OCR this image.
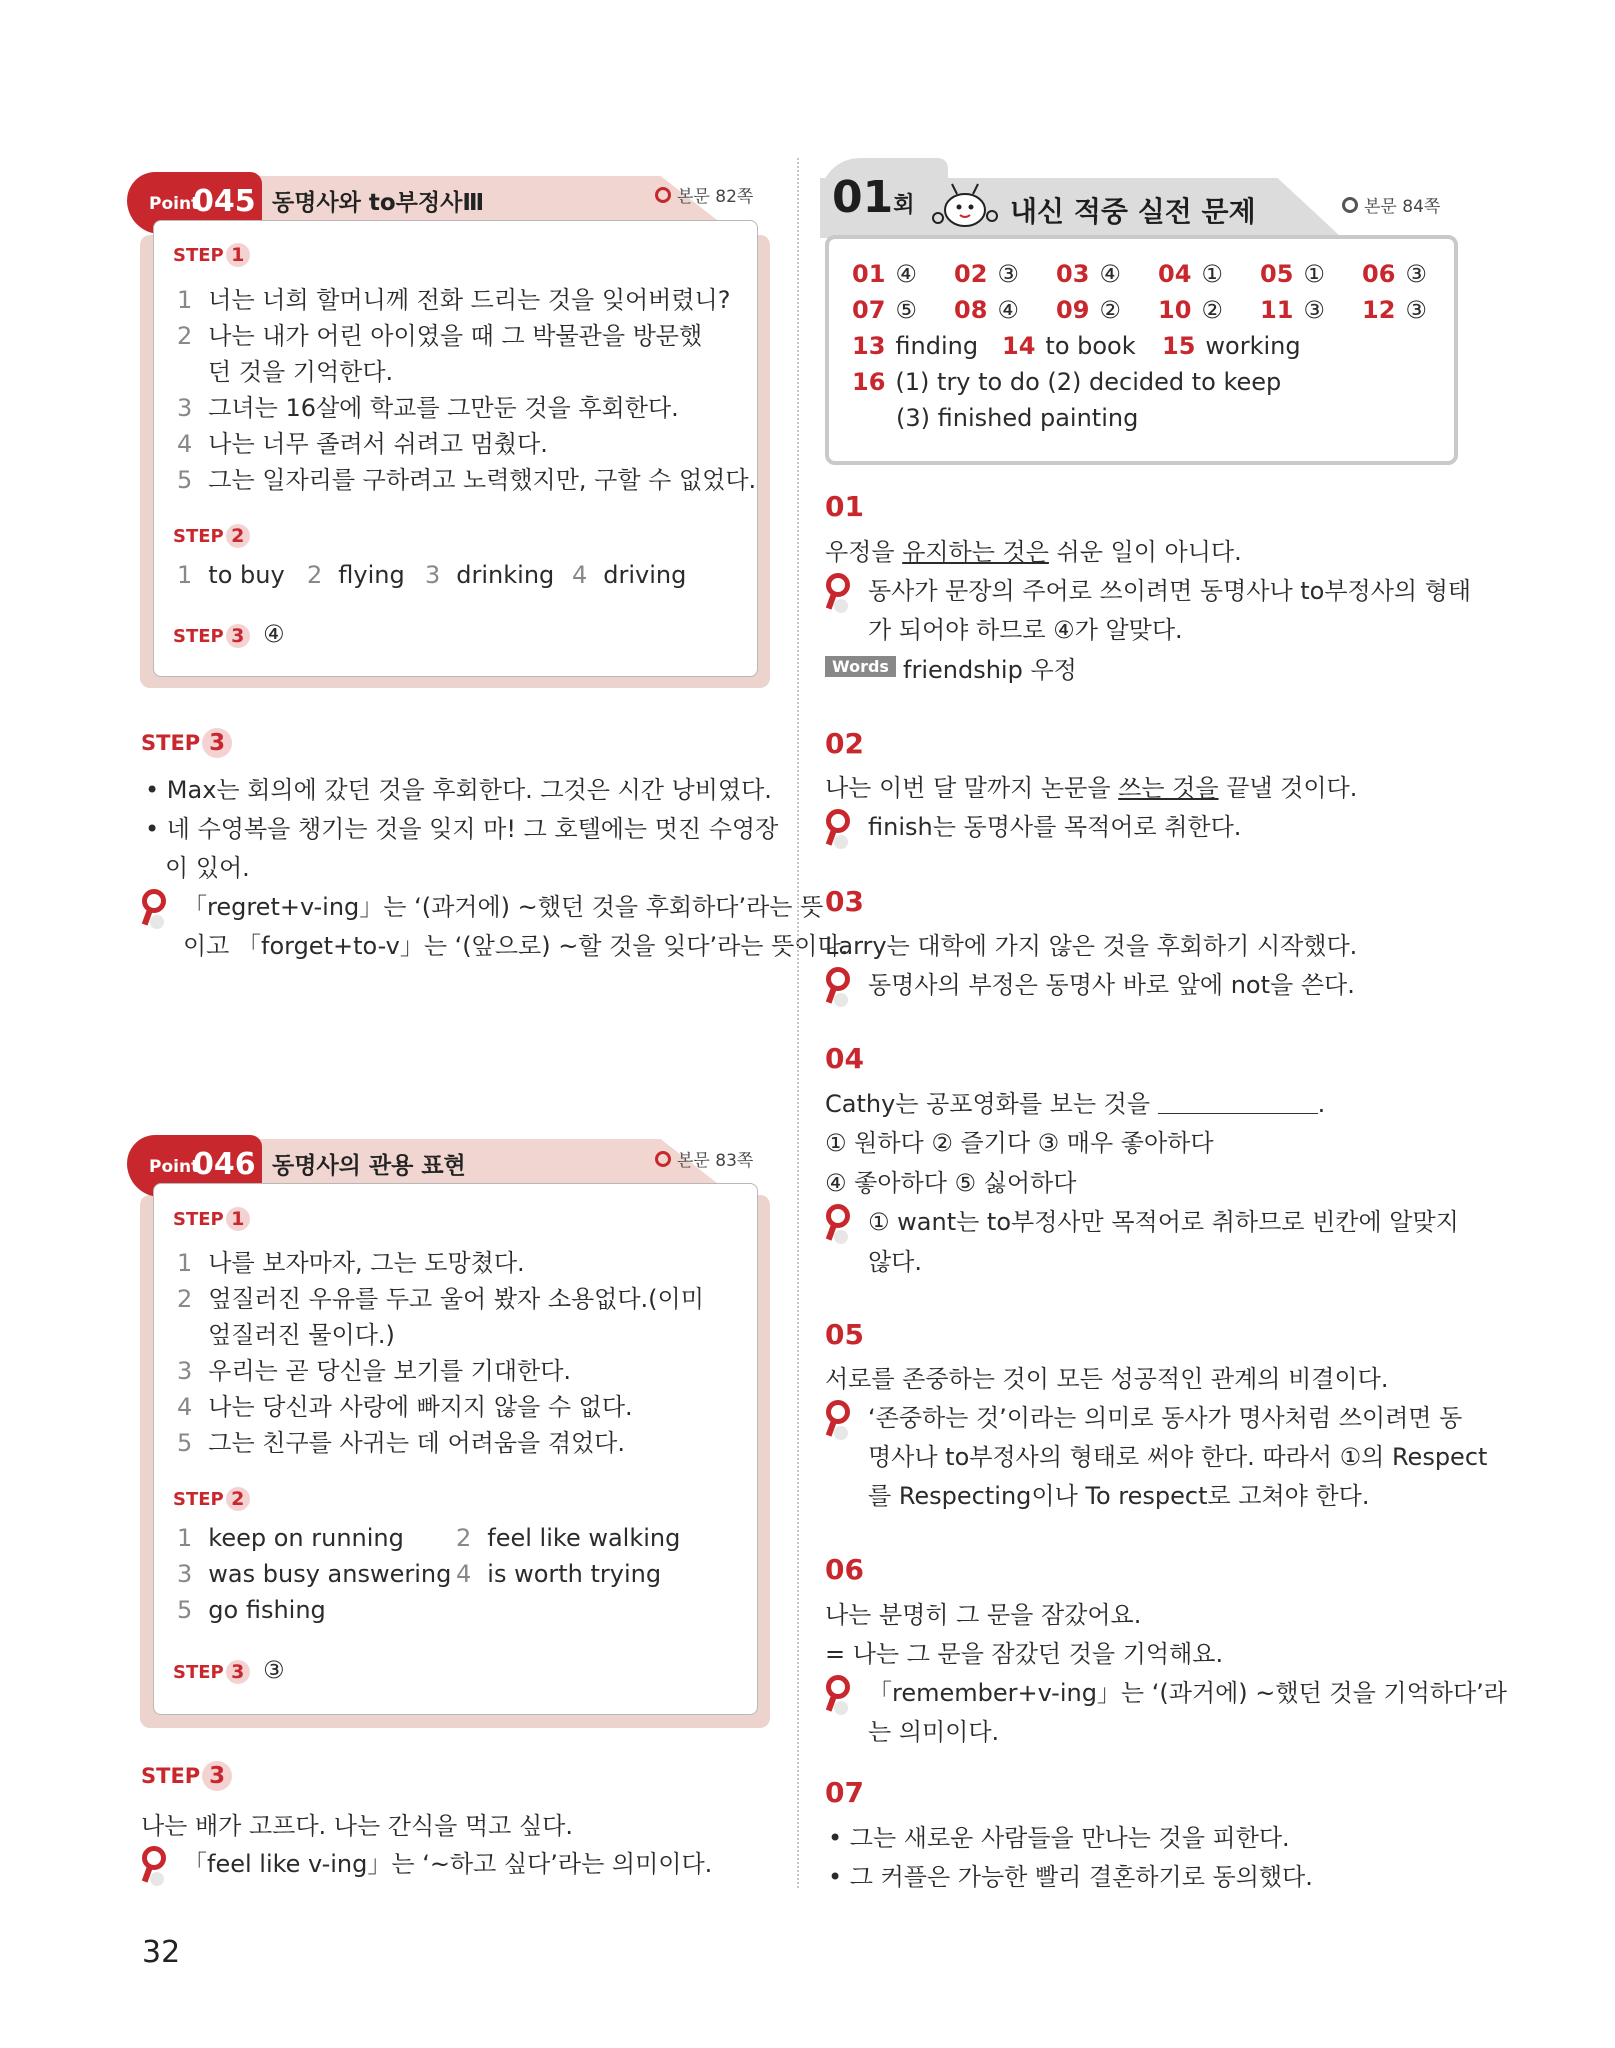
Point
045 동명사와 to부정사Ⅲ	본문 82쪽
STEP 1
1 너는 너희 할머니께 전화 드리는 것을 잊어버렸니?
2 나는 내가 어린 아이였을 때 그 박물관을 방문했
던 것을 기억한다.
3 그녀는 16살에 학교를 그만둔 것을 후회한다.
4 나는 너무 졸려서 쉬려고 멈췄다.
5 그는 일자리를 구하려고 노력했지만, 구할 수 없었다.
STEP 2
1 to buy 2 flying 3 drinking 4 driving
STEP 3 ④
STEP 3
• Max는 회의에 갔던 것을 후회한다. 그것은 시간 낭비였다.
• 네 수영복을 챙기는 것을 잊지 마! 그 호텔에는 멋진 수영장
이 있어.
「regret+v-ing」는 ‘(과거에) ~했던 것을 후회하다’라는 뜻
이고 「forget+to-v」는 ‘(앞으로) ~할 것을 잊다’라는 뜻이다.
Point
046 동명사의 관용 표현	본문 83쪽
STEP 1
1 나를 보자마자, 그는 도망쳤다.
2 엎질러진 우유를 두고 울어 봤자 소용없다.(이미
엎질러진 물이다.)
3 우리는 곧 당신을 보기를 기대한다.
4 나는 당신과 사랑에 빠지지 않을 수 없다.
5 그는 친구를 사귀는 데 어려움을 겪었다.
STEP 2
1 keep on running 2 feel like walking
3 was busy answering 4 is worth trying
5 go fishing
STEP 3 ③
STEP 3
나는 배가 고프다. 나는 간식을 먹고 싶다.
「feel like v-ing」는 ‘~하고 싶다’라는 의미이다.
32
01회	내신 적중 실전 문제	본문 84쪽
01 ④ 02 ③ 03 ④ 04 ① 05 ① 06 ③
07 ⑤ 08 ④ 09 ② 10 ② 11 ③ 12 ③
13 finding 14 to book 15 working
16 (1) try to do (2) decided to keep
(3) finished painting
01
우정을 유지하는 것은 쉬운 일이 아니다.
동사가 문장의 주어로 쓰이려면 동명사나 to부정사의 형태
가 되어야 하므로 ④가 알맞다.
Words friendship 우정
02
나는 이번 달 말까지 논문을 쓰는 것을 끝낼 것이다.
finish는 동명사를 목적어로 취한다.
03
Larry는 대학에 가지 않은 것을 후회하기 시작했다.
동명사의 부정은 동명사 바로 앞에 not을 쓴다.
04
Cathy는 공포영화를 보는 것을	.
① 원하다 ② 즐기다 ③ 매우 좋아하다
④ 좋아하다 ⑤ 싫어하다
① want는 to부정사만 목적어로 취하므로 빈칸에 알맞지
않다.
05
서로를 존중하는 것이 모든 성공적인 관계의 비결이다.
‘존중하는 것’이라는 의미로 동사가 명사처럼 쓰이려면 동
명사나 to부정사의 형태로 써야 한다. 따라서 ①의 Respect
를 Respecting이나 To respect로 고쳐야 한다.
06
나는 분명히 그 문을 잠갔어요.
= 나는 그 문을 잠갔던 것을 기억해요.
「remember+v-ing」는 ‘(과거에) ~했던 것을 기억하다’라
는 의미이다.
07
• 그는 새로운 사람들을 만나는 것을 피한다.
• 그 커플은 가능한 빨리 결혼하기로 동의했다.
